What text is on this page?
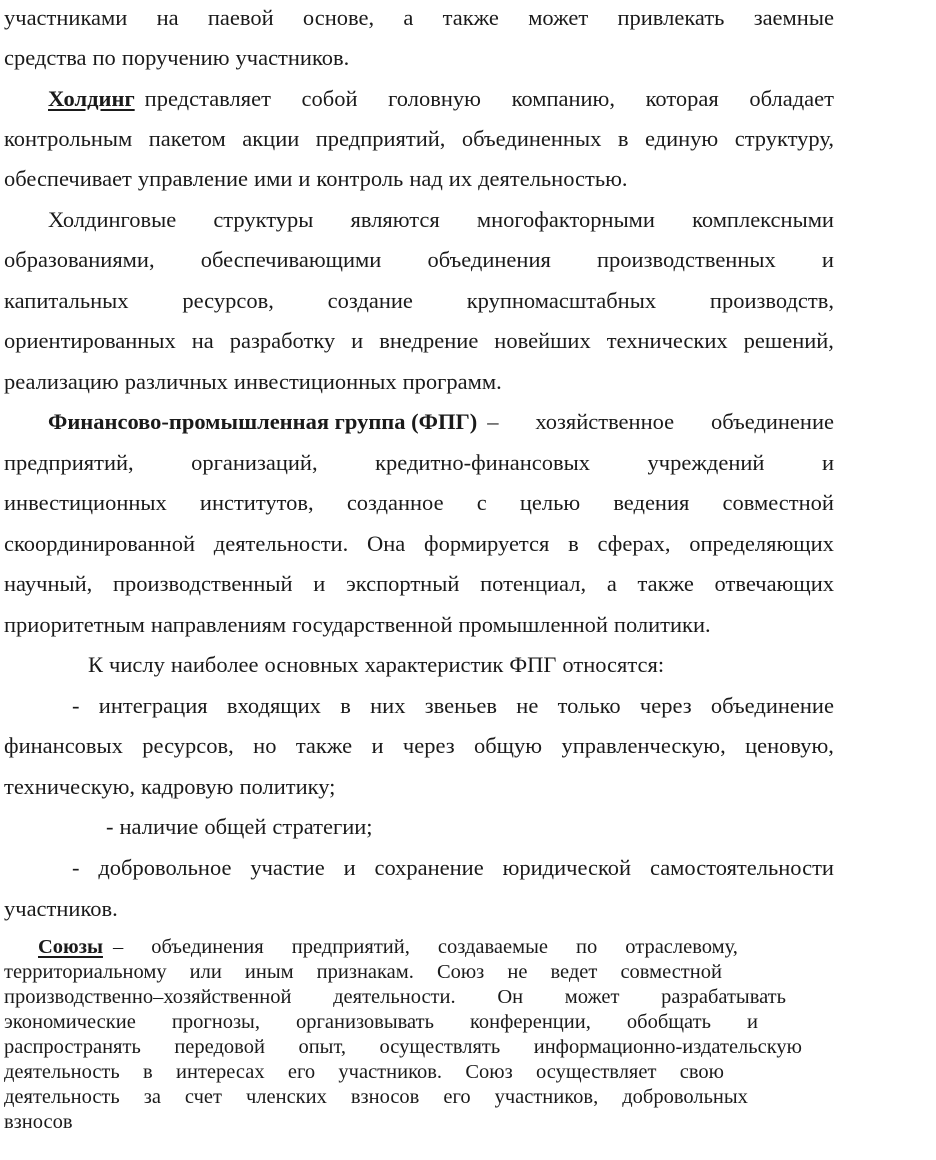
участниками на паевой основе, а также может привлекать заемные
средства по поручению участников.
Холдинг представляет собой головную компанию, которая обладает
контрольным пакетом акции предприятий, объединенных в единую структуру,
обеспечивает управление ими и контроль над их деятельностью.
Холдинговые структуры являются многофакторными комплексными
образованиями, обеспечивающими объединения производственных и
капитальных ресурсов, создание крупномасштабных производств,
ориентированных на разработку и внедрение новейших технических решений,
реализацию различных инвестиционных программ.
Финансово-промышленная группа (ФПГ) – хозяйственное объединение
предприятий,	организаций,	кредитно-финансовых	учреждений	и
инвестиционных институтов, созданное с целью ведения совместной
скоординированной деятельности. Она формируется в сферах, определяющих
научный, производственный и экспортный потенциал, а также отвечающих
приоритетным направлениям государственной промышленной политики.
К числу наиболее основных характеристик ФПГ относятся:
- интеграция входящих в них звеньев не только через объединение
финансовых ресурсов, но также и через общую управленческую, ценовую,
техническую, кадровую политику;
- наличие общей стратегии;
- добровольное участие и сохранение юридической самостоятельности
участников.
Союзы – объединения предприятий, создаваемые по отраслевому,
территориальному или иным признакам. Союз не ведет совместной
производственно–хозяйственной деятельности. Он может разрабатывать
экономические прогнозы, организовывать конференции, обобщать и
распространять передовой опыт, осуществлять информационно-издательскую
деятельность в интересах его участников. Союз осуществляет свою
деятельность за счет членских взносов его участников, добровольных
взносов
